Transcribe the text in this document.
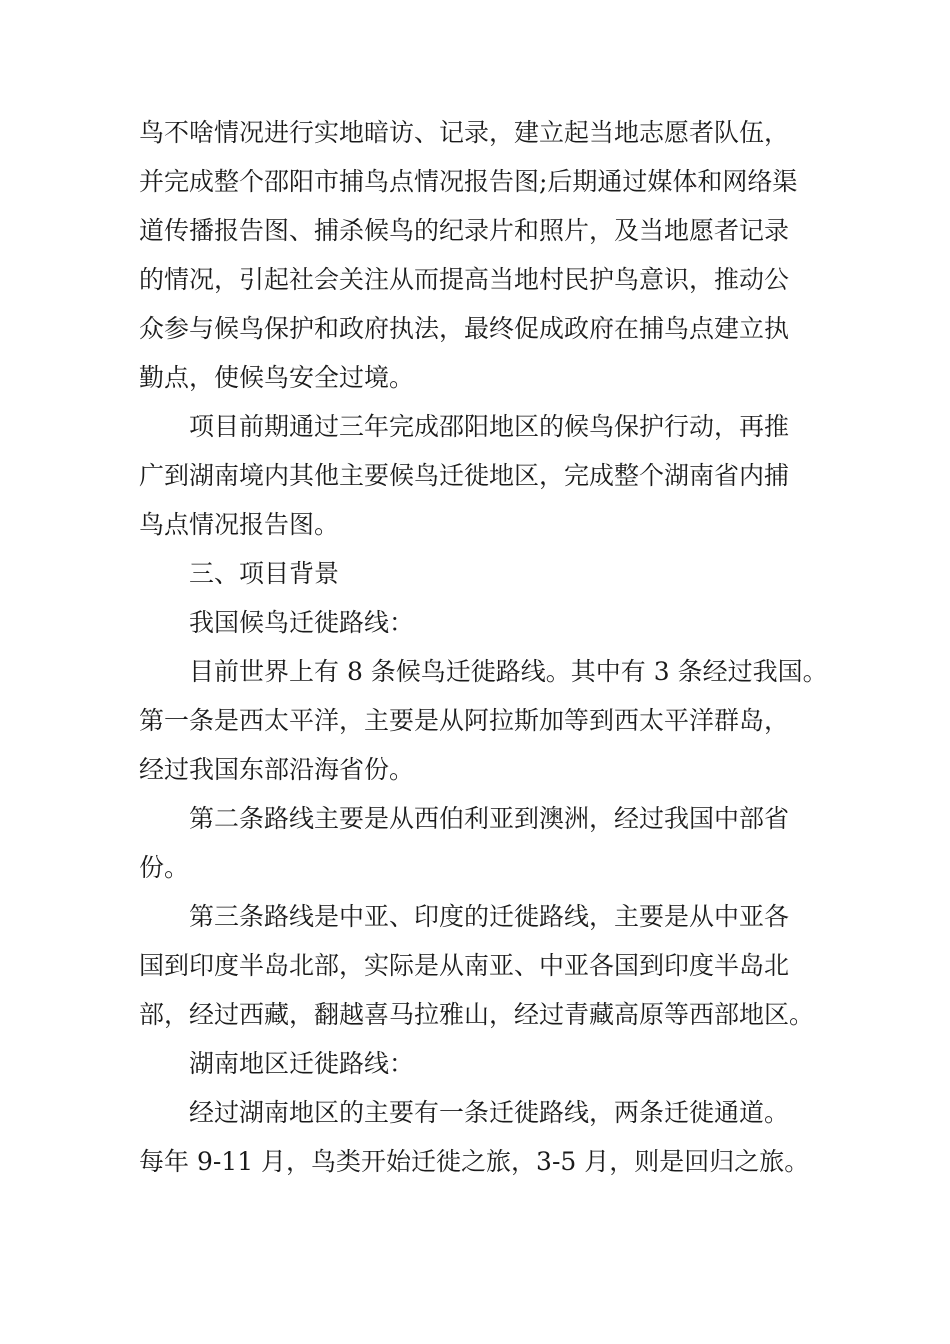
鸟不啥情况进行实地暗访、记录，建立起当地志愿者队伍，
并完成整个邵阳市捕鸟点情况报告图;后期通过媒体和网络渠
道传播报告图、捕杀候鸟的纪录片和照片，及当地愿者记录
的情况，引起社会关注从而提高当地村民护鸟意识，推动公
众参与候鸟保护和政府执法，最终促成政府在捕鸟点建立执
勤点，使候鸟安全过境。
项目前期通过三年完成邵阳地区的候鸟保护行动，再推
广到湖南境内其他主要候鸟迁徙地区，完成整个湖南省内捕
鸟点情况报告图。
三、项目背景
我国候鸟迁徙路线：
目前世界上有 8 条候鸟迁徙路线。其中有 3 条经过我国。
第一条是西太平洋，主要是从阿拉斯加等到西太平洋群岛，
经过我国东部沿海省份。
第二条路线主要是从西伯利亚到澳洲，经过我国中部省
份。
第三条路线是中亚、印度的迁徙路线，主要是从中亚各
国到印度半岛北部，实际是从南亚、中亚各国到印度半岛北
部，经过西藏，翻越喜马拉雅山，经过青藏高原等西部地区。
湖南地区迁徙路线：
经过湖南地区的主要有一条迁徙路线，两条迁徙通道。
每年 9-11 月，鸟类开始迁徙之旅，3-5 月，则是回归之旅。
